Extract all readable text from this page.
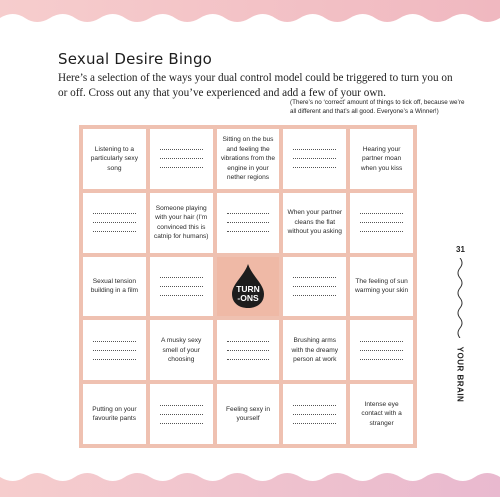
Sexual Desire Bingo
Here’s a selection of the ways your dual control model could be triggered to turn you on or off. Cross out any that you’ve experienced and add a few of your own.
(There’s no ‘correct’ amount of things to tick off, because we’re all different and that’s all good. Everyone’s a Winner!)
Listening to a particularly sexy song
Sitting on the bus and feeling the vibrations from the engine in your nether regions
Hearing your partner moan when you kiss
Someone playing with your hair (I’m convinced this is catnip for humans)
When your partner cleans the flat without you asking
Sexual tension building in a film	TURN
-ONS
The feeling of sun warming your skin
A musky sexy smell of your choosing
Brushing arms with the dreamy person at work
Putting on your favourite pants
Feeling sexy in yourself
Intense eye contact with a stranger
31
YOUR BRAIN
